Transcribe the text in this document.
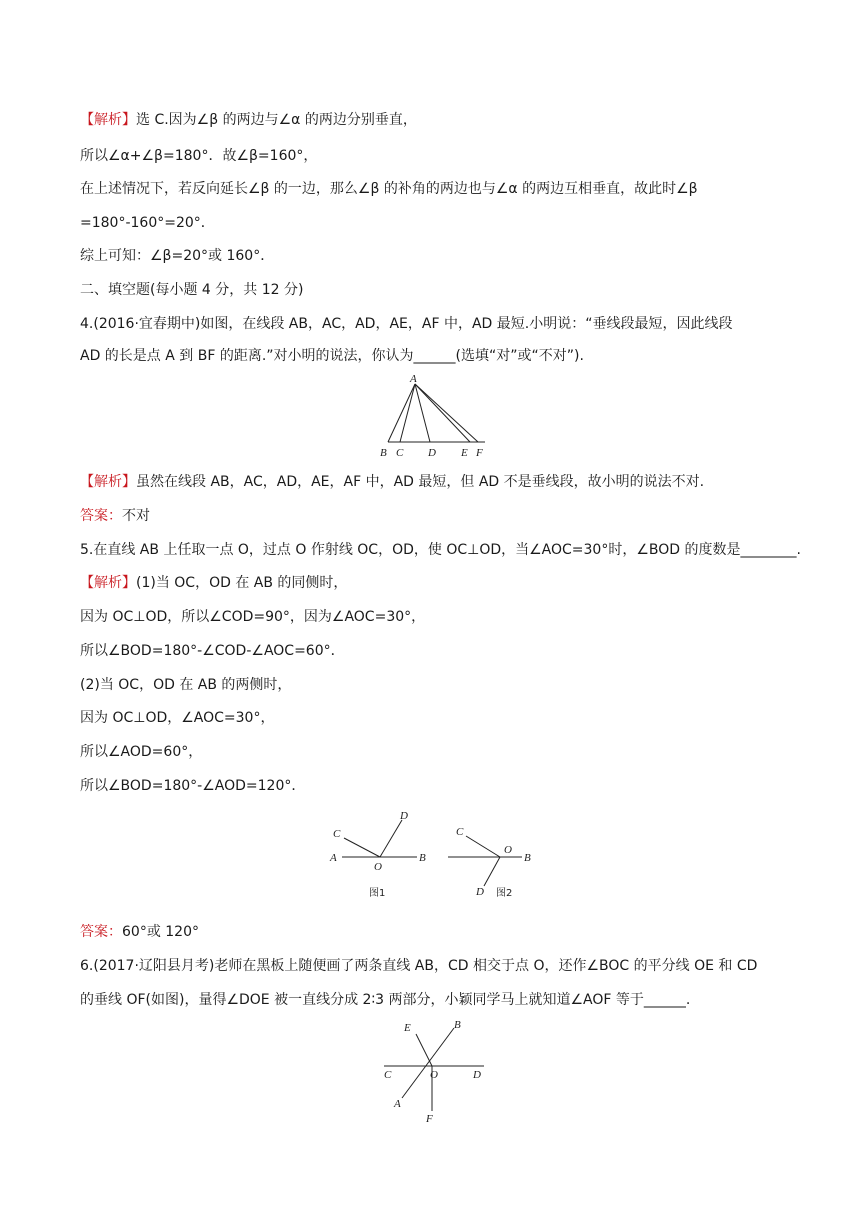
【解析】选 C.因为∠β 的两边与∠α 的两边分别垂直，
所以∠α+∠β=180°．故∠β=160°，
在上述情况下，若反向延长∠β 的一边，那么∠β 的补角的两边也与∠α 的两边互相垂直，故此时∠β
=180°-160°=20°．
综上可知：∠β=20°或 160°．
二、填空题(每小题 4 分，共 12 分)
4.(2016·宜春期中)如图，在线段 AB，AC，AD，AE，AF 中，AD 最短.小明说：“垂线段最短，因此线段
AD 的长是点 A 到 BF 的距离.”对小明的说法，你认为______(选填“对”或“不对”).
A
B C D E F
【解析】虽然在线段 AB，AC，AD，AE，AF 中，AD 最短，但 AD 不是垂线段，故小明的说法不对.
答案：不对
5.在直线 AB 上任取一点 O，过点 O 作射线 OC，OD，使 OC⊥OD，当∠AOC=30°时，∠BOD 的度数是________.
【解析】(1)当 OC，OD 在 AB 的同侧时，
因为 OC⊥OD，所以∠COD=90°，因为∠AOC=30°，
所以∠BOD=180°-∠COD-∠AOC=60°．
(2)当 OC，OD 在 AB 的两侧时，
因为 OC⊥OD，∠AOC=30°，
所以∠AOD=60°，
所以∠BOD=180°-∠AOD=120°．
C
D
A
O
B
图1
C
O
B
D 图2
答案：60°或 120°
6.(2017·辽阳县月考)老师在黑板上随便画了两条直线 AB，CD 相交于点 O，还作∠BOC 的平分线 OE 和 CD
的垂线 OF(如图)，量得∠DOE 被一直线分成 2∶3 两部分，小颖同学马上就知道∠AOF 等于______.
E	B
C	O	D
A
F
